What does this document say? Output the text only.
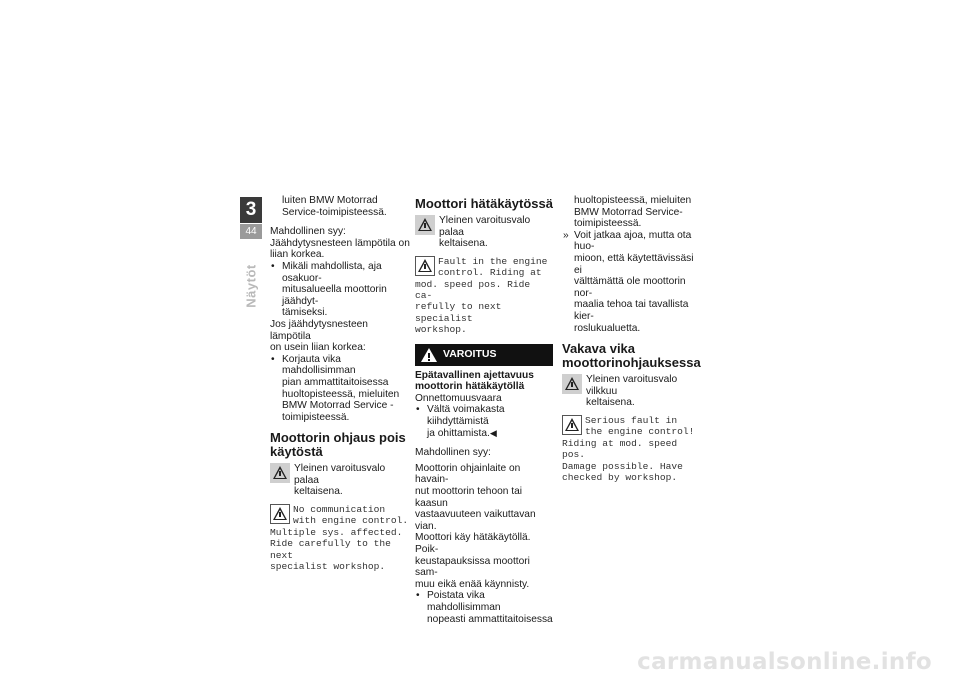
3
44
Näytöt

luiten BMW Motorrad

Service-toimipisteessä.

Mahdollinen syy:

Jäähdytysnesteen lämpötila on

liian korkea.

• Mikäli mahdollista, aja osakuor-

mitusalueella moottorin jäähdyt-

tämiseksi.

Jos jäähdytysnesteen lämpötila

on usein liian korkea:

• Korjauta vika mahdollisimman

pian ammattitaitoisessa

huoltopisteessä, mieluiten

BMW Motorrad Service -

toimipisteessä.

Moottorin ohjaus pois
käytöstä

Yleinen varoitusvalo palaa

keltaisena.

No communication

with engine control.

Multiple sys. affected.

Ride carefully to the next

specialist workshop.

Moottori hätäkäytössä

Yleinen varoitusvalo palaa

keltaisena.

Fault in the engine

control. Riding at

mod. speed pos. Ride ca-

refully to next specialist

workshop.

VAROITUS

Epätavallinen ajettavuus

moottorin hätäkäytöllä

Onnettomuusvaara

• Vältä voimakasta kiihdyttämistä

ja ohittamista.◀

Mahdollinen syy:

Moottorin ohjainlaite on havain-

nut moottorin tehoon tai kaasun

vastaavuuteen vaikuttavan vian.

Moottori käy hätäkäytöllä. Poik-

keustapauksissa moottori sam-

muu eikä enää käynnisty.

• Poistata vika mahdollisimman

nopeasti ammattitaitoisessa

huoltopisteessä, mieluiten

BMW Motorrad Service-

toimipisteessä.

» Voit jatkaa ajoa, mutta ota huo-

mioon, että käytettävissäsi ei

välttämättä ole moottorin nor-

maalia tehoa tai tavallista kier-

roslukualuetta.

Vakava vika
moottorinohjauksessa

Yleinen varoitusvalo vilkkuu

keltaisena.

Serious fault in

the engine control!

Riding at mod. speed pos.

Damage possible. Have

checked by workshop.

carmanualsonline.info
